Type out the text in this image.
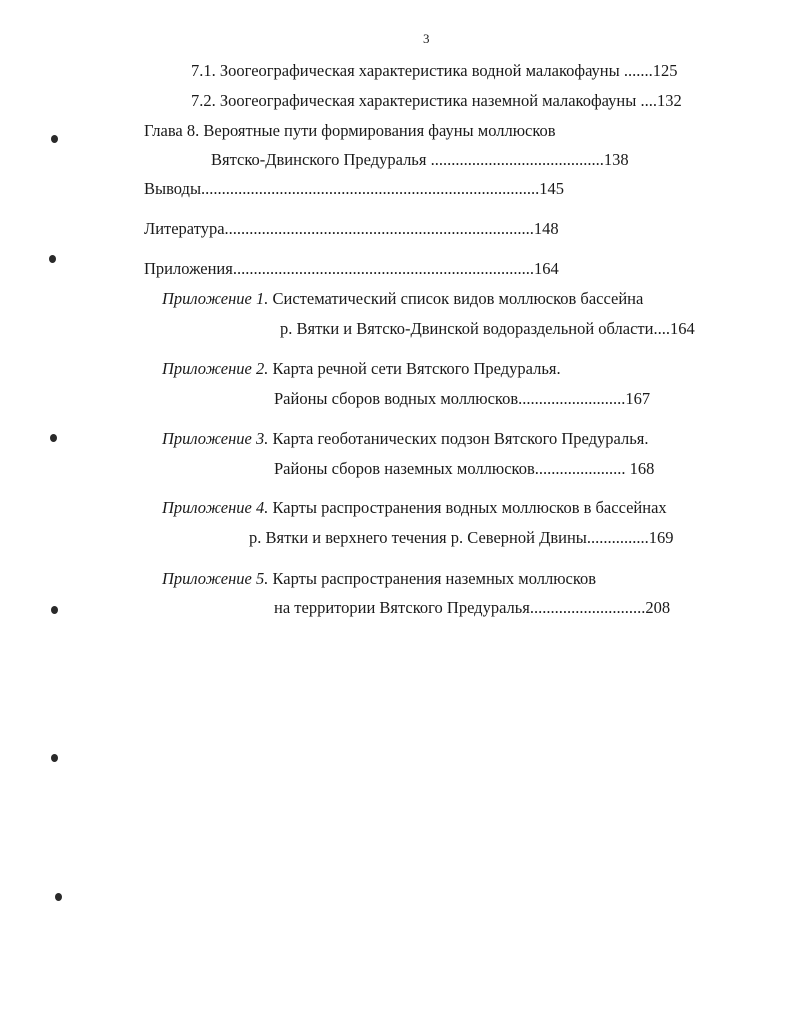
3

7.1. Зоогеографическая характеристика водной малакофауны .......125

7.2. Зоогеографическая характеристика наземной малакофауны ....132

Глава 8. Вероятные пути формирования фауны моллюсков

Вятско-Двинского Предуралья ..........................................138

Выводы..................................................................................145

Литература...........................................................................148

Приложения.........................................................................164

Приложение 1. Систематический список видов моллюсков бассейна

р. Вятки и Вятско-Двинской водораздельной области....164

Приложение 2. Карта речной сети Вятского Предуралья.

Районы сборов водных моллюсков..........................167

Приложение 3. Карта геоботанических подзон Вятского Предуралья.

Районы сборов наземных моллюсков...................... 168

Приложение 4. Карты распространения водных моллюсков в бассейнах

р. Вятки и верхнего течения р. Северной Двины...............169

Приложение 5. Карты распространения наземных моллюсков

на территории Вятского Предуралья............................208
